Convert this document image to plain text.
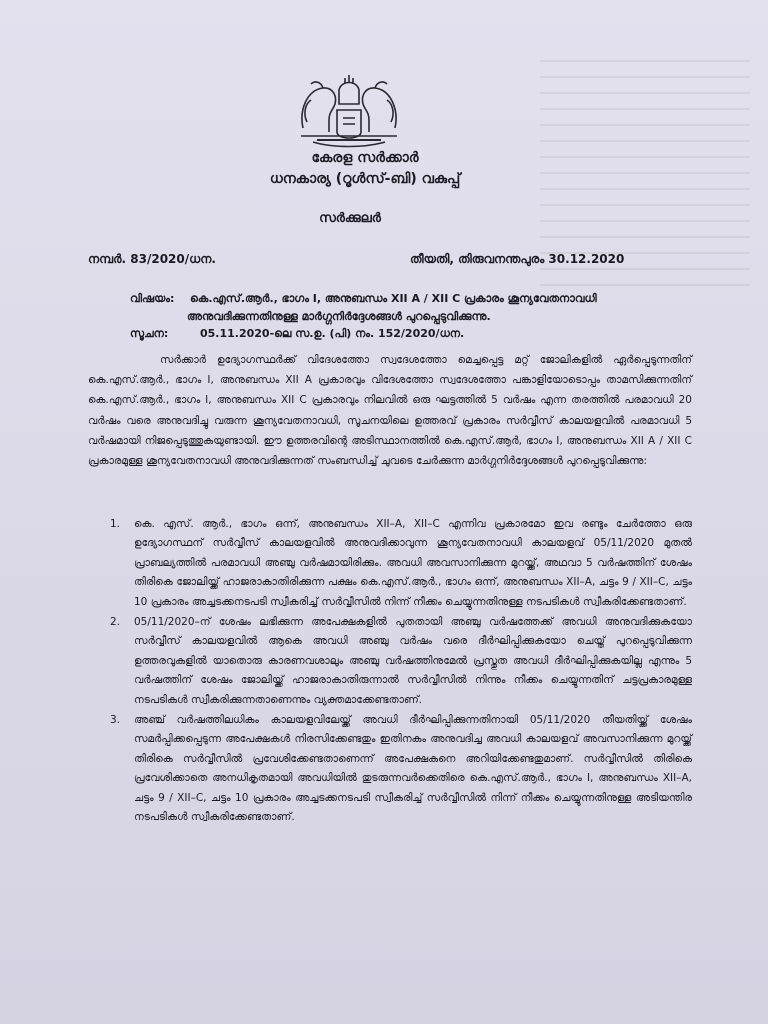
കേരള സർക്കാർ
ധനകാര്യ (റൂൾസ്-ബി) വകുപ്പ്
സർക്കുലർ
നമ്പർ. 83/2020/ധന.	തീയതി, തിരുവനന്തപുരം 30.12.2020
വിഷയം: കെ.എസ്.ആർ., ഭാഗം I, അനുബന്ധം XII A / XII C പ്രകാരം ശൂന്യവേതനാവധി
അനുവദിക്കുന്നതിനുള്ള മാർഗ്ഗനിർദ്ദേശങ്ങൾ പുറപ്പെടുവിക്കുന്നു.
സൂചന:	05.11.2020-ലെ സ.ഉ. (പി) നം. 152/2020/ധന.

സർക്കാർ ഉദ്യോഗസ്ഥർക്ക് വിദേശത്തോ സ്വദേശത്തോ മെച്ചപ്പെട്ട മറ്റ് ജോലികളിൽ ഏർപ്പെടുന്നതിന് കെ.എസ്.ആർ., ഭാഗം I, അനുബന്ധം XII A പ്രകാരവും വിദേശത്തോ സ്വദേശത്തോ പങ്കാളിയോടൊപ്പം താമസിക്കുന്നതിന് കെ.എസ്.ആർ., ഭാഗം I, അനുബന്ധം XII C പ്രകാരവും നിലവിൽ ഒരു ഘട്ടത്തിൽ 5 വർഷം എന്ന തരത്തിൽ പരമാവധി 20 വർഷം വരെ അനുവദിച്ചു വരുന്ന ശൂന്യവേതനാവധി, സൂചനയിലെ ഉത്തരവ് പ്രകാരം സർവ്വീസ് കാലയളവിൽ പരമാവധി 5 വർഷമായി നിജപ്പെടുത്തുകയുണ്ടായി. ഈ ഉത്തരവിന്റെ അടിസ്ഥാനത്തിൽ കെ.എസ്.ആർ, ഭാഗം I, അനുബന്ധം XII A / XII C പ്രകാരമുള്ള ശൂന്യവേതനാവധി അനുവദിക്കുന്നത് സംബന്ധിച്ച് ചുവടെ ചേർക്കുന്ന മാർഗ്ഗനിർദ്ദേശങ്ങൾ പുറപ്പെടുവിക്കുന്നു:

1. കെ. എസ്. ആർ., ഭാഗം ഒന്ന്, അനുബന്ധം XII–A, XII–C എന്നിവ പ്രകാരമോ ഇവ രണ്ടും ചേർത്തോ ഒരു ഉദ്യോഗസ്ഥന് സർവ്വീസ് കാലയളവിൽ അനുവദിക്കാവുന്ന ശൂന്യവേതനാവധി കാലയളവ് 05/11/2020 മുതൽ പ്രാബല്യത്തിൽ പരമാവധി അഞ്ചു വർഷമായിരിക്കും. അവധി അവസാനിക്കുന്ന മുറയ്ക്ക്, അഥവാ 5 വർഷത്തിന് ശേഷം തിരികെ ജോലിയ്ക്ക് ഹാജരാകാതിരിക്കുന്ന പക്ഷം കെ.എസ്.ആർ., ഭാഗം ഒന്ന്, അനുബന്ധം XII–A, ചട്ടം 9 / XII–C, ചട്ടം 10 പ്രകാരം അച്ചടക്കനടപടി സ്വീകരിച്ച് സർവ്വീസിൽ നിന്ന് നീക്കം ചെയ്യുന്നതിനുള്ള നടപടികൾ സ്വീകരിക്കേണ്ടതാണ്.
2. 05/11/2020–ന് ശേഷം ലഭിക്കുന്ന അപേക്ഷകളിൽ പുതതായി അഞ്ചു വർഷത്തേക്ക് അവധി അനുവദിക്കുകയോ സർവ്വീസ് കാലയളവിൽ ആകെ അവധി അഞ്ചു വർഷം വരെ ദീർഘിപ്പിക്കുകയോ ചെയ്ത് പുറപ്പെടുവിക്കുന്ന ഉത്തരവുകളിൽ യാതൊരു കാരണവശാലും അഞ്ചു വർഷത്തിനുമേൽ പ്രസ്തുത അവധി ദീർഘിപ്പിക്കുകയില്ല എന്നും 5 വർഷത്തിന് ശേഷം ജോലിയ്ക്ക് ഹാജരാകാതിരുന്നാൽ സർവ്വീസിൽ നിന്നും നീക്കം ചെയ്യുന്നതിന് ചട്ടപ്രകാരമുള്ള നടപടികൾ സ്വീകരിക്കുന്നതാണെന്നും വ്യക്തമാക്കേണ്ടതാണ്.
3. അഞ്ച് വർഷത്തിലധികം കാലയളവിലേയ്ക്ക് അവധി ദീർഘിപ്പിക്കുന്നതിനായി 05/11/2020 തീയതിയ്ക്ക് ശേഷം സമർപ്പിക്കപ്പെടുന്ന അപേക്ഷകൾ നിരസിക്കേണ്ടതും ഇതിനകം അനുവദിച്ച അവധി കാലയളവ് അവസാനിക്കുന്ന മുറയ്ക്ക് തിരികെ സർവ്വീസിൽ പ്രവേശിക്കേണ്ടതാണെന്ന് അപേക്ഷകനെ അറിയിക്കേണ്ടതുമാണ്. സർവ്വീസിൽ തിരികെ പ്രവേശിക്കാതെ അനധികൃതമായി അവധിയിൽ തുടരുന്നവർക്കെതിരെ കെ.എസ്.ആർ., ഭാഗം I, അനുബന്ധം XII–A, ചട്ടം 9 / XII–C, ചട്ടം 10 പ്രകാരം അച്ചടക്കനടപടി സ്വീകരിച്ച് സർവ്വീസിൽ നിന്ന് നീക്കം ചെയ്യുന്നതിനുള്ള അടിയന്തിര നടപടികൾ സ്വീകരിക്കേണ്ടതാണ്.
